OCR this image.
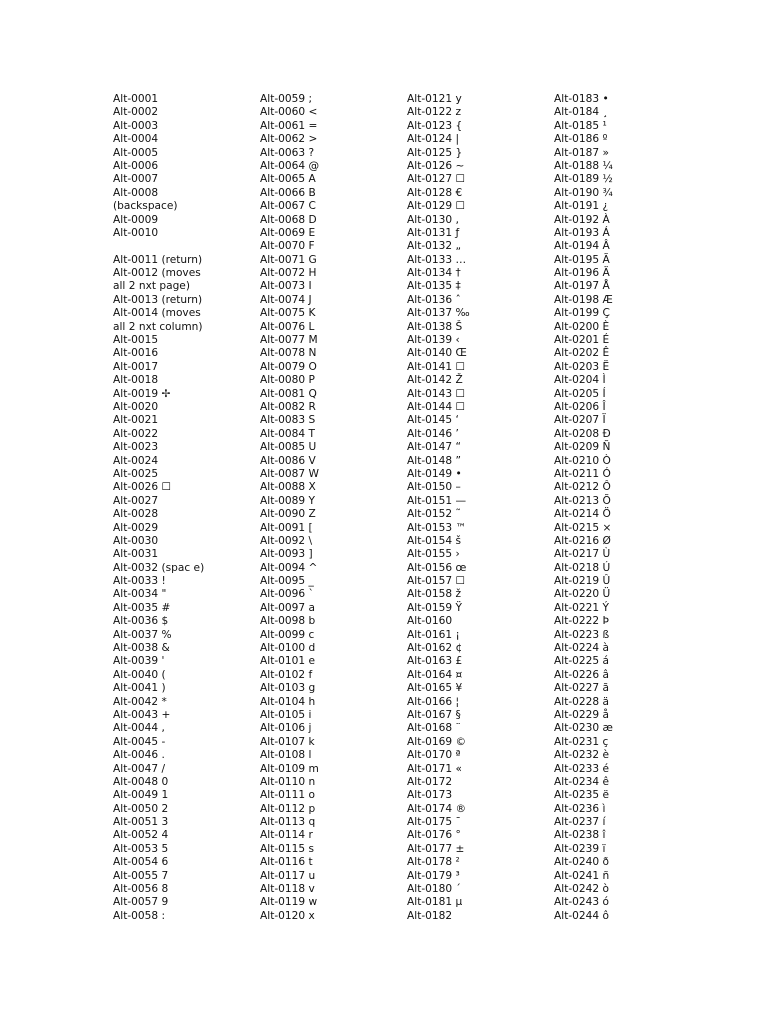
Alt-0001
Alt-0002
Alt-0003
Alt-0004
Alt-0005
Alt-0006
Alt-0007
Alt-0008
(backspace)
Alt-0009
Alt-0010
Alt-0011 (return)
Alt-0012 (moves
all 2 nxt page)
Alt-0013 (return)
Alt-0014 (moves
all 2 nxt column)
Alt-0015
Alt-0016
Alt-0017
Alt-0018
Alt-0019 ✢
Alt-0020
Alt-0021
Alt-0022
Alt-0023
Alt-0024
Alt-0025
Alt-0026 ☐
Alt-0027
Alt-0028
Alt-0029
Alt-0030
Alt-0031
Alt-0032 (spac e)
Alt-0033 !
Alt-0034 "
Alt-0035 #
Alt-0036 $
Alt-0037 %
Alt-0038 &
Alt-0039 '
Alt-0040 (
Alt-0041 )
Alt-0042 *
Alt-0043 +
Alt-0044 ,
Alt-0045 -
Alt-0046 .
Alt-0047 /
Alt-0048 0
Alt-0049 1
Alt-0050 2
Alt-0051 3
Alt-0052 4
Alt-0053 5
Alt-0054 6
Alt-0055 7
Alt-0056 8
Alt-0057 9
Alt-0058 :
Alt-0059 ;
Alt-0060 <
Alt-0061 =
Alt-0062 >
Alt-0063 ?
Alt-0064 @
Alt-0065 A
Alt-0066 B
Alt-0067 C
Alt-0068 D
Alt-0069 E
Alt-0070 F
Alt-0071 G
Alt-0072 H
Alt-0073 I
Alt-0074 J
Alt-0075 K
Alt-0076 L
Alt-0077 M
Alt-0078 N
Alt-0079 O
Alt-0080 P
Alt-0081 Q
Alt-0082 R
Alt-0083 S
Alt-0084 T
Alt-0085 U
Alt-0086 V
Alt-0087 W
Alt-0088 X
Alt-0089 Y
Alt-0090 Z
Alt-0091 [
Alt-0092 \
Alt-0093 ]
Alt-0094 ^
Alt-0095 _
Alt-0096 `
Alt-0097 a
Alt-0098 b
Alt-0099 c
Alt-0100 d
Alt-0101 e
Alt-0102 f
Alt-0103 g
Alt-0104 h
Alt-0105 i
Alt-0106 j
Alt-0107 k
Alt-0108 l
Alt-0109 m
Alt-0110 n
Alt-0111 o
Alt-0112 p
Alt-0113 q
Alt-0114 r
Alt-0115 s
Alt-0116 t
Alt-0117 u
Alt-0118 v
Alt-0119 w
Alt-0120 x
Alt-0121 y
Alt-0122 z
Alt-0123 {
Alt-0124 |
Alt-0125 }
Alt-0126 ~
Alt-0127 ☐
Alt-0128 €
Alt-0129 ☐
Alt-0130 ‚
Alt-0131 ƒ
Alt-0132 „
Alt-0133 …
Alt-0134 †
Alt-0135 ‡
Alt-0136 ˆ
Alt-0137 ‰
Alt-0138 Š
Alt-0139 ‹
Alt-0140 Œ
Alt-0141 ☐
Alt-0142 Ž
Alt-0143 ☐
Alt-0144 ☐
Alt-0145 ‘
Alt-0146 ’
Alt-0147 “
Alt-0148 ”
Alt-0149 •
Alt-0150 –
Alt-0151 —
Alt-0152 ˜
Alt-0153 ™
Alt-0154 š
Alt-0155 ›
Alt-0156 œ
Alt-0157 ☐
Alt-0158 ž
Alt-0159 Ÿ
Alt-0160
Alt-0161 ¡
Alt-0162 ¢
Alt-0163 £
Alt-0164 ¤
Alt-0165 ¥
Alt-0166 ¦
Alt-0167 §
Alt-0168 ¨
Alt-0169 ©
Alt-0170 ª
Alt-0171 «
Alt-0172
Alt-0173
Alt-0174 ®
Alt-0175 ¯
Alt-0176 °
Alt-0177 ±
Alt-0178 ²
Alt-0179 ³
Alt-0180 ´
Alt-0181 µ
Alt-0182
Alt-0183 •
Alt-0184 ¸
Alt-0185 ¹
Alt-0186 º
Alt-0187 »
Alt-0188 ¼
Alt-0189 ½
Alt-0190 ¾
Alt-0191 ¿
Alt-0192 À
Alt-0193 Á
Alt-0194 Â
Alt-0195 Ã
Alt-0196 Ä
Alt-0197 Å
Alt-0198 Æ
Alt-0199 Ç
Alt-0200 È
Alt-0201 É
Alt-0202 Ê
Alt-0203 Ë
Alt-0204 Ì
Alt-0205 Í
Alt-0206 Î
Alt-0207 Ï
Alt-0208 Ð
Alt-0209 Ñ
Alt-0210 Ò
Alt-0211 Ó
Alt-0212 Ô
Alt-0213 Õ
Alt-0214 Ö
Alt-0215 ×
Alt-0216 Ø
Alt-0217 Ù
Alt-0218 Ú
Alt-0219 Û
Alt-0220 Ü
Alt-0221 Ý
Alt-0222 Þ
Alt-0223 ß
Alt-0224 à
Alt-0225 á
Alt-0226 â
Alt-0227 ã
Alt-0228 ä
Alt-0229 å
Alt-0230 æ
Alt-0231 ç
Alt-0232 è
Alt-0233 é
Alt-0234 ê
Alt-0235 ë
Alt-0236 ì
Alt-0237 í
Alt-0238 î
Alt-0239 ï
Alt-0240 ð
Alt-0241 ñ
Alt-0242 ò
Alt-0243 ó
Alt-0244 ô
